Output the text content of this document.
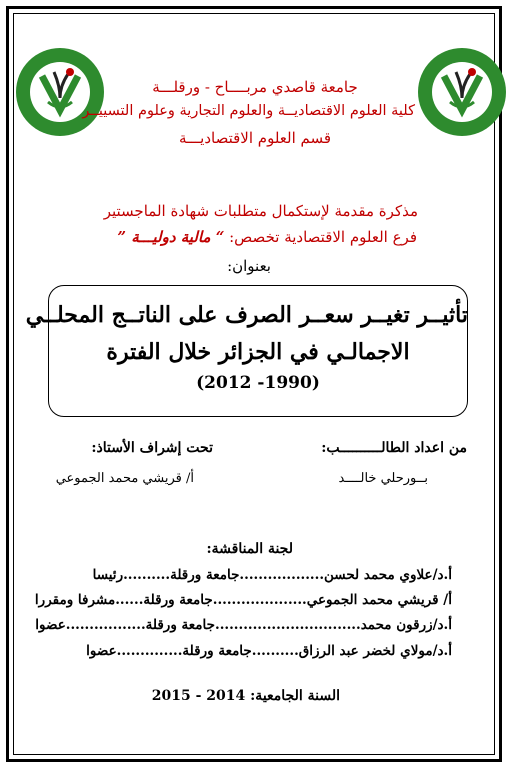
جامعة قاصدي مربــــاح - ورقلـــة
كلية العلوم الاقتصاديــة والعلوم التجارية وعلوم التسييــر
قسم العلوم الاقتصاديـــة
مذكرة مقدمة لإستكمال متطلبات شهادة الماجستير
فرع العلوم الاقتصادية تخصص: “ مالية دوليـــة ”
بعنوان:
تأثيــر تغيــر سعــر الصرف على الناتــج المحلــي
الاجمالـي في الجزائر خلال الفترة
(1990- 2012)
من اعداد الطالــــــــــب:
بــورحلي خالــــد
تحت إشراف الأستاذ:
أ/ قريشي محمد الجموعي
لجنة المناقشة:
أ.د/علاوي محمد لحسن..................جامعة ورقلة..........رئيسا
أ/ قريشي محمد الجموعي....................جامعة ورقلة......مشرفا ومقررا
أ.د/زرقون محمد...............................جامعة ورقلة.................عضوا
أ.د/مولاي لخضر عبد الرزاق..........جامعة ورقلة..............عضوا
السنة الجامعية: 2014 - 2015
